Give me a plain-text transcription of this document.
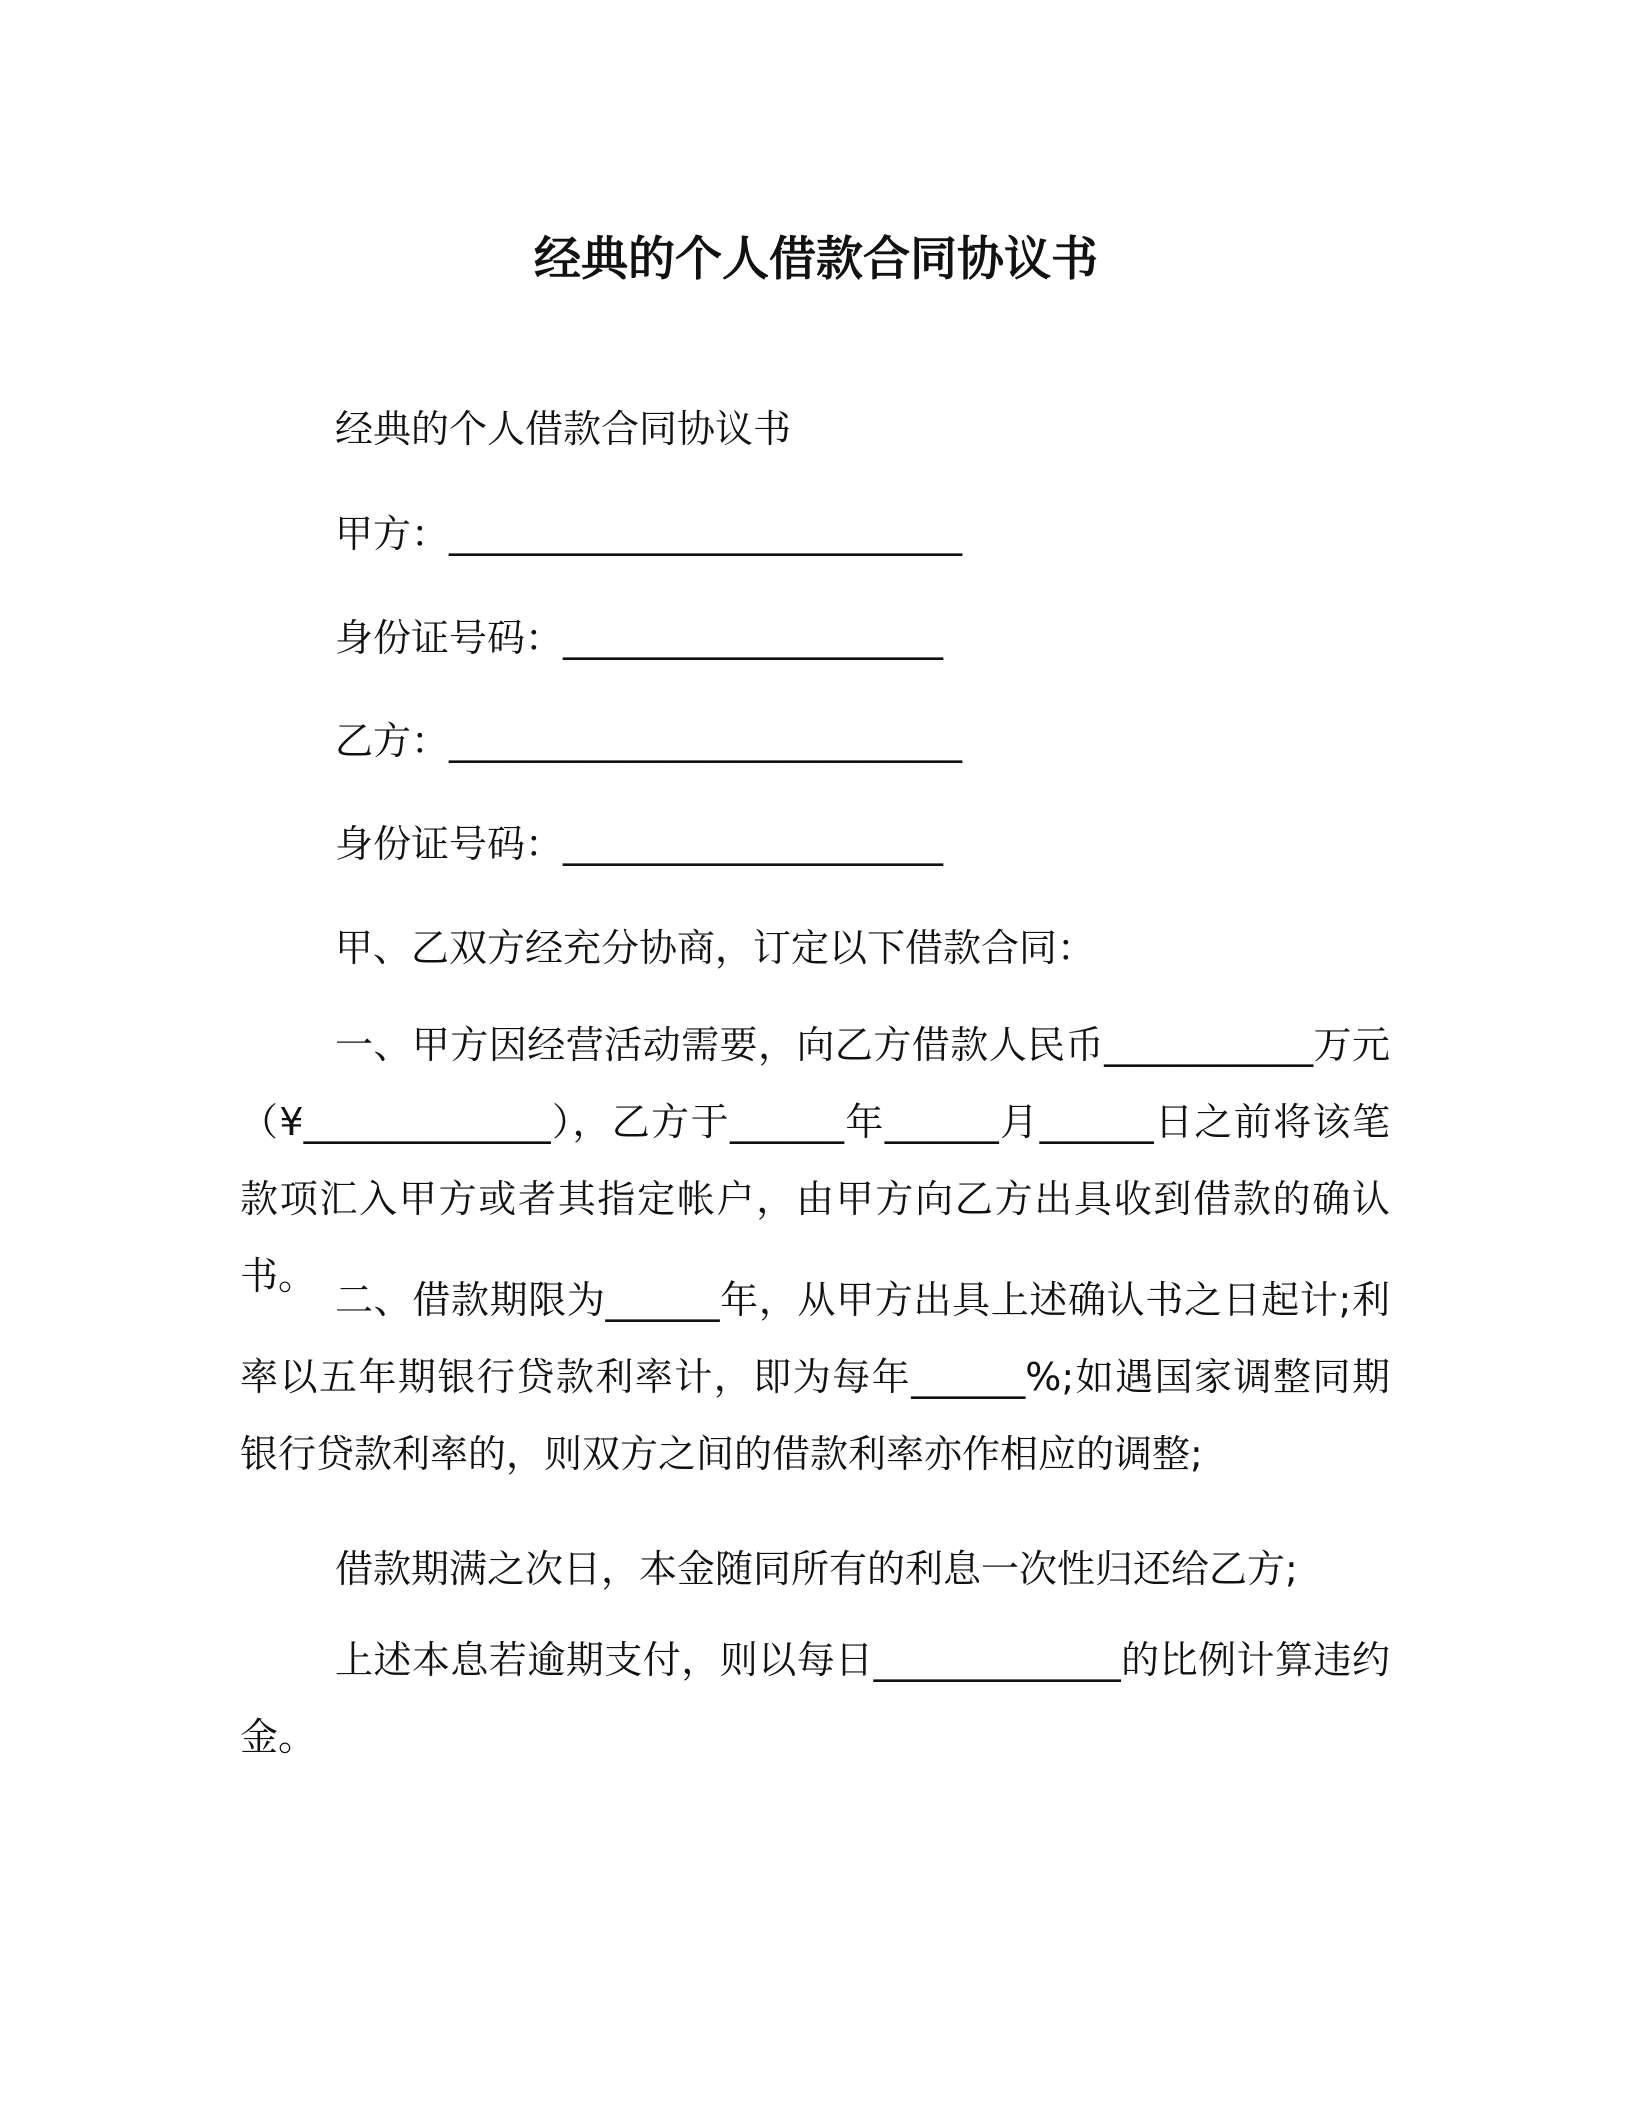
经典的个人借款合同协议书
经典的个人借款合同协议书
甲方：___________________________
身份证号码：____________________
乙方：___________________________
身份证号码：____________________
甲、乙双方经充分协商，订定以下借款合同：
一、甲方因经营活动需要，向乙方借款人民币___________万元（¥_____________），乙方于______年______月______日之前将该笔款项汇入甲方或者其指定帐户，由甲方向乙方出具收到借款的确认书。
二、借款期限为______年，从甲方出具上述确认书之日起计;利率以五年期银行贷款利率计，即为每年______%;如遇国家调整同期银行贷款利率的，则双方之间的借款利率亦作相应的调整;
借款期满之次日，本金随同所有的利息一次性归还给乙方;
上述本息若逾期支付，则以每日_____________的比例计算违约金。
